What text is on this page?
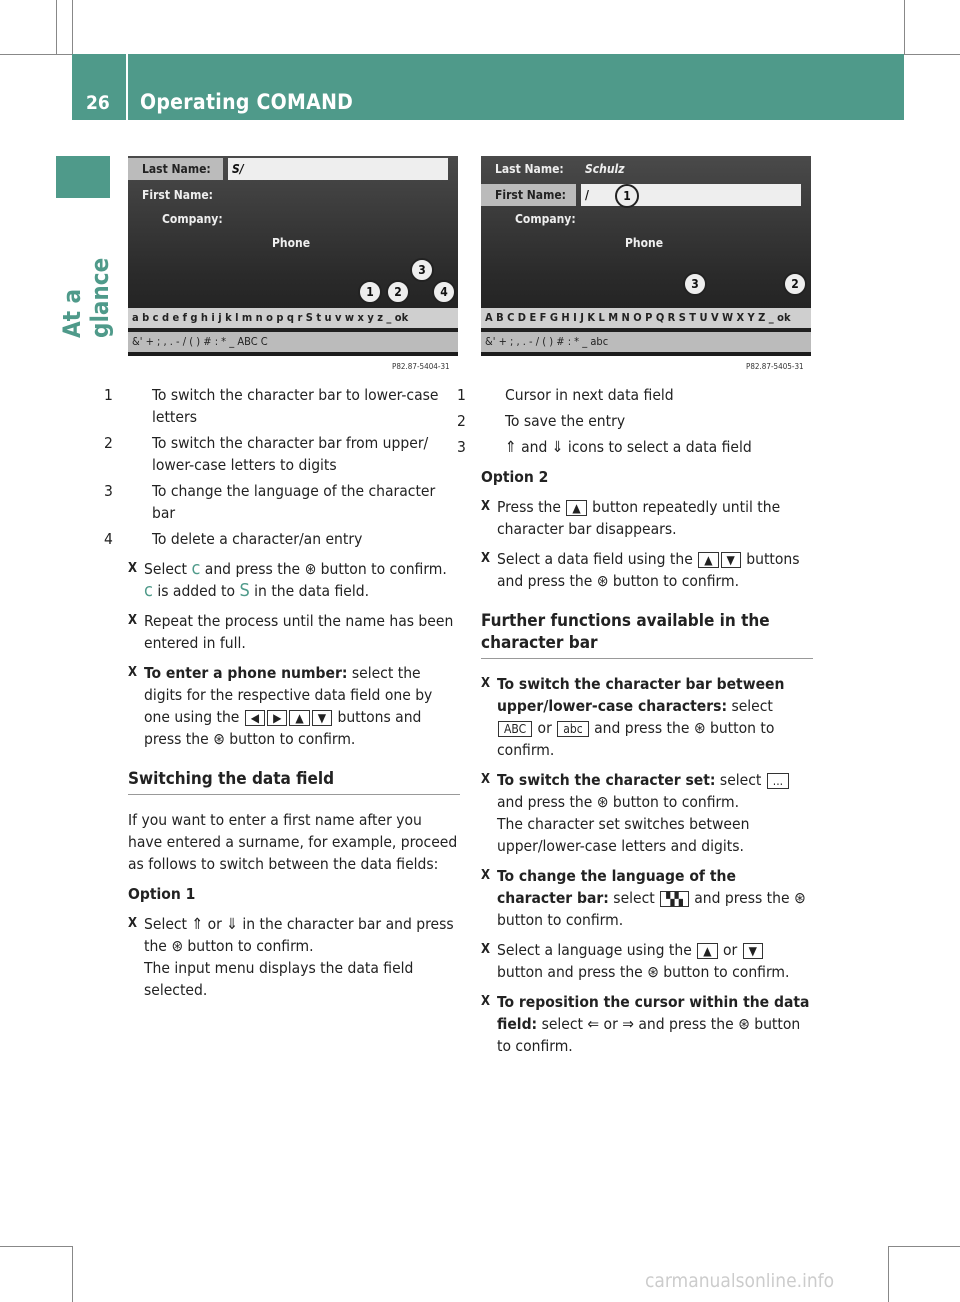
26 Operating COMAND
At a glance
Last Name: S/
First Name:
Company:
Phone
a b c d e f g h i j k l m n o p q r S t u v w x y z _ ok
&' + ; , . - / ( ) # : * _ ABC C
1	2
3
4
P82.87-5404-31
Last Name: Schulz
First Name: /
Company:
Phone
A B C D E F G H I J K L M N O P Q R S T U V W X Y Z _ ok
&' + ; , . - / ( ) # : * _ abc
1
3	2
P82.87-5405-31
1	To switch the character bar to lower-case letters
2	To switch the character bar from upper/ lower-case letters to digits
3	To change the language of the character bar
4	To delete a character/an entry
X Select c and press the ⊛ button to confirm.
c is added to S in the data field.
X Repeat the process until the name has been entered in full.
X To enter a phone number: select the digits for the respective data field one by one using the ◀ ▶ ▲ ▼ buttons and press the ⊛ button to confirm.
Switching the data field

If you want to enter a first name after you have entered a surname, for example, proceed as follows to switch between the data fields:

Option 1

X Select ⇑ or ⇓ in the character bar and press the ⊛ button to confirm.
The input menu displays the data field selected.
1	Cursor in next data field
2	To save the entry
3	⇑ and ⇓ icons to select a data field

Option 2

X Press the ▲ button repeatedly until the character bar disappears.
X Select a data field using the ▲ ▼ buttons and press the ⊛ button to confirm.
Further functions available in the character bar
X To switch the character bar between upper/lower-case characters: select ABC or abc and press the ⊛ button to confirm.
X To switch the character set: select ... and press the ⊛ button to confirm.
The character set switches between upper/lower-case letters and digits.
X To change the language of the character bar: select ▚▚ and press the ⊛ button to confirm.
X Select a language using the ▲ or ▼ button and press the ⊛ button to confirm.
X To reposition the cursor within the data field: select ⇐ or ⇒ and press the ⊛ button to confirm.
carmanualsonline.info
